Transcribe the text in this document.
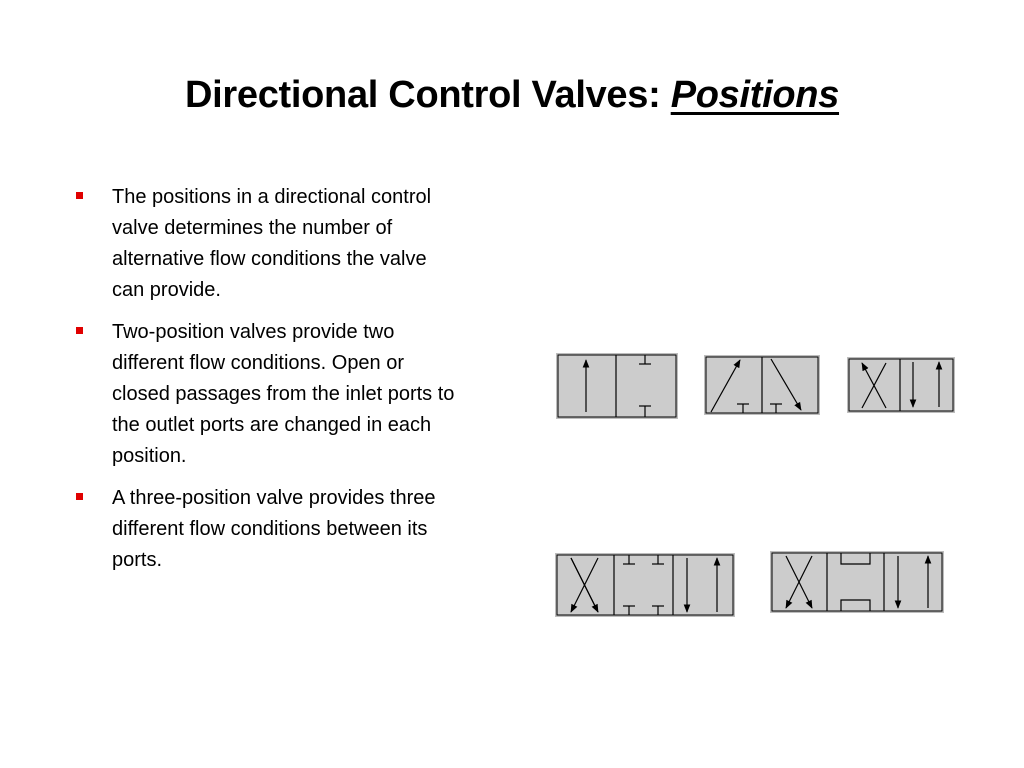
Directional Control Valves: Positions
The positions in a directional control valve determines the number of alternative flow conditions the valve can provide.
Two-position valves provide two different flow conditions. Open or closed passages from the inlet ports to the outlet ports are changed in each position.
A three-position valve provides three different flow conditions between its ports.
